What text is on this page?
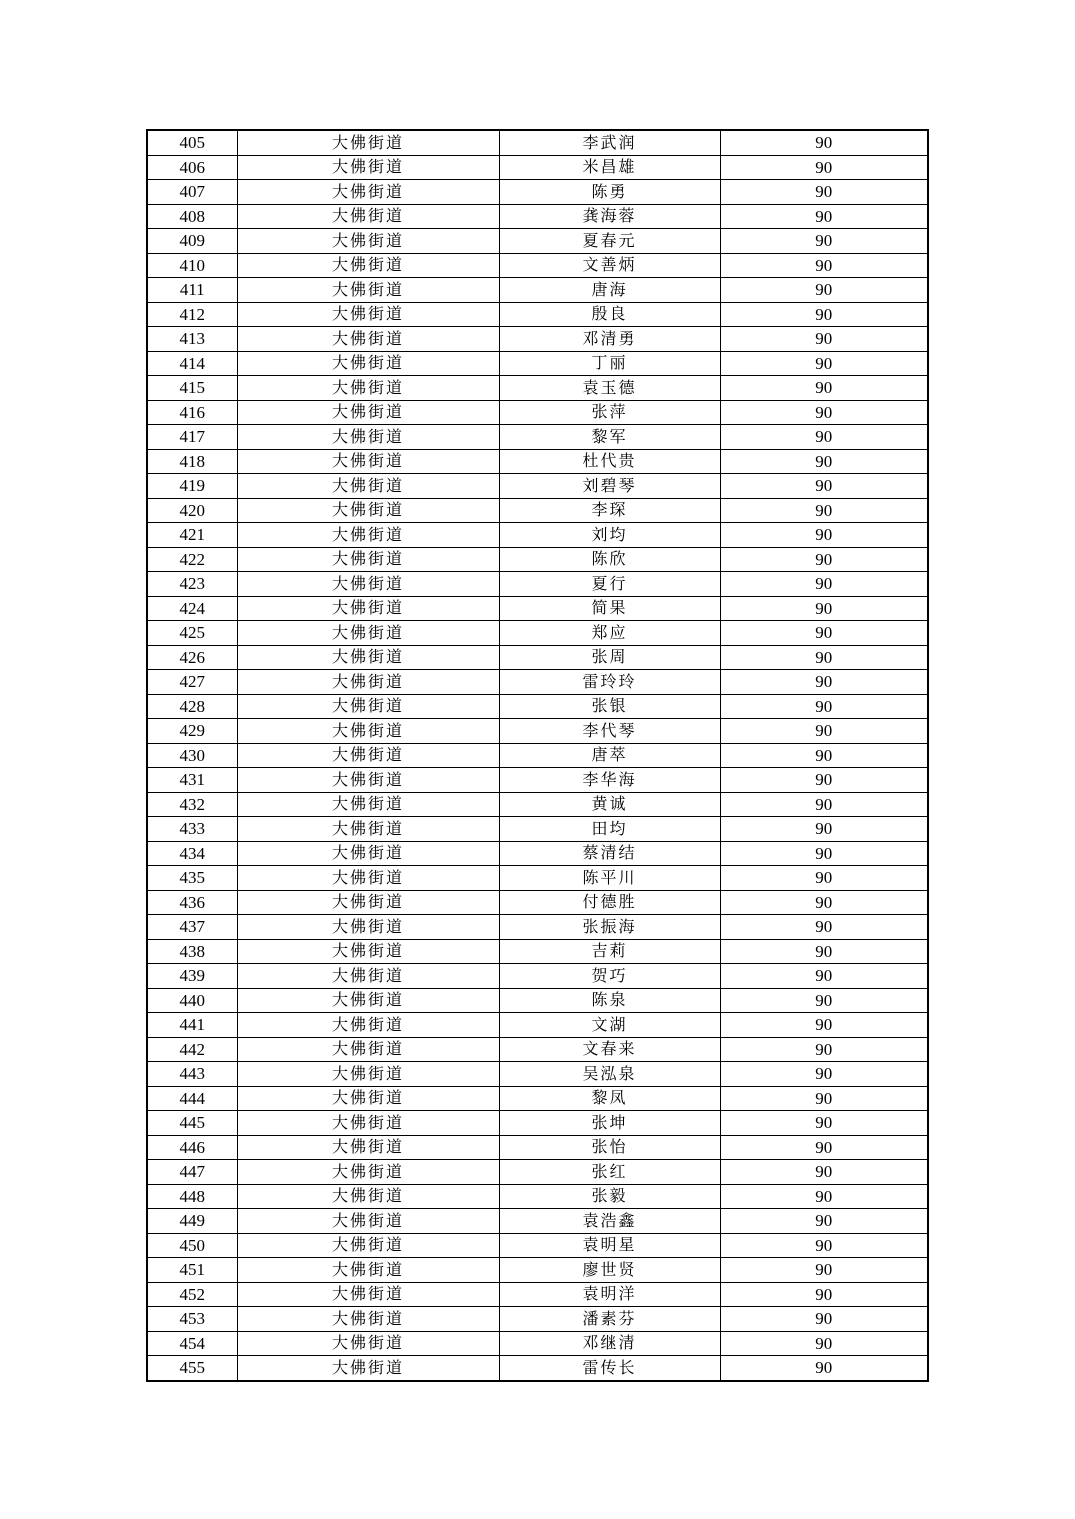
405	大佛街道	李武润	90
406	大佛街道	米昌雄	90
407	大佛街道	陈勇	90
408	大佛街道	龚海蓉	90
409	大佛街道	夏春元	90
410	大佛街道	文善炳	90
411	大佛街道	唐海	90
412	大佛街道	殷良	90
413	大佛街道	邓清勇	90
414	大佛街道	丁丽	90
415	大佛街道	袁玉德	90
416	大佛街道	张萍	90
417	大佛街道	黎军	90
418	大佛街道	杜代贵	90
419	大佛街道	刘碧琴	90
420	大佛街道	李琛	90
421	大佛街道	刘均	90
422	大佛街道	陈欣	90
423	大佛街道	夏行	90
424	大佛街道	简果	90
425	大佛街道	郑应	90
426	大佛街道	张周	90
427	大佛街道	雷玲玲	90
428	大佛街道	张银	90
429	大佛街道	李代琴	90
430	大佛街道	唐萃	90
431	大佛街道	李华海	90
432	大佛街道	黄诚	90
433	大佛街道	田均	90
434	大佛街道	蔡清结	90
435	大佛街道	陈平川	90
436	大佛街道	付德胜	90
437	大佛街道	张振海	90
438	大佛街道	吉莉	90
439	大佛街道	贺巧	90
440	大佛街道	陈泉	90
441	大佛街道	文湖	90
442	大佛街道	文春来	90
443	大佛街道	吴泓泉	90
444	大佛街道	黎凤	90
445	大佛街道	张坤	90
446	大佛街道	张怡	90
447	大佛街道	张红	90
448	大佛街道	张毅	90
449	大佛街道	袁浩鑫	90
450	大佛街道	袁明星	90
451	大佛街道	廖世贤	90
452	大佛街道	袁明洋	90
453	大佛街道	潘素芬	90
454	大佛街道	邓继清	90
455	大佛街道	雷传长	90
